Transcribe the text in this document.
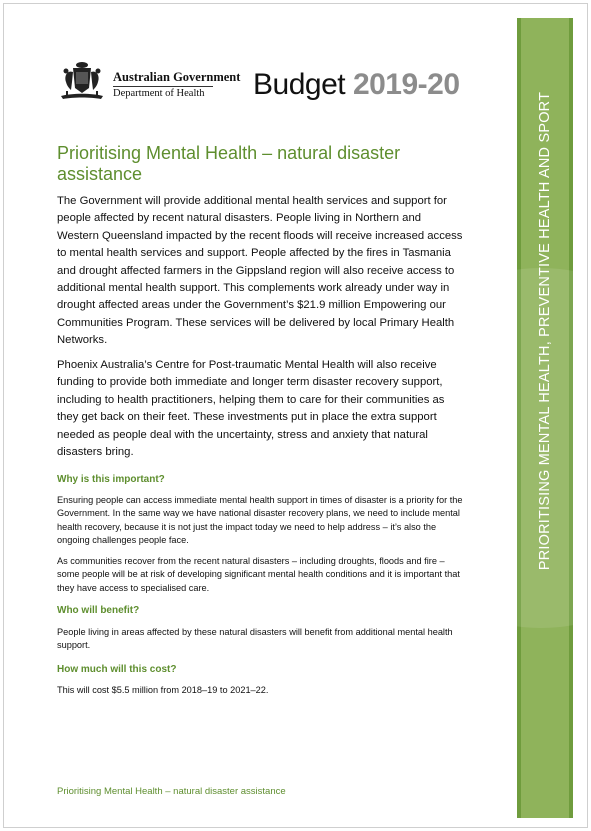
PRIORITISING MENTAL HEALTH, PREVENTIVE HEALTH AND SPORT
Australian Government
Department of Health Budget 2019-20
Prioritising Mental Health – natural disaster assistance

The Government will provide additional mental health services and support for people affected by recent natural disasters. People living in Northern and Western Queensland impacted by the recent floods will receive increased access to mental health services and support. People affected by the fires in Tasmania and drought affected farmers in the Gippsland region will also receive access to additional mental health support. This complements work already under way in drought affected areas under the Government’s $21.9 million Empowering our Communities Program. These services will be delivered by local Primary Health Networks.

Phoenix Australia’s Centre for Post-traumatic Mental Health will also receive funding to provide both immediate and longer term disaster recovery support, including to health practitioners, helping them to care for their communities as they get back on their feet. These investments put in place the extra support needed as people deal with the uncertainty, stress and anxiety that natural disasters bring.

Why is this important?

Ensuring people can access immediate mental health support in times of disaster is a priority for the Government. In the same way we have national disaster recovery plans, we need to include mental health recovery, because it is not just the impact today we need to help address – it’s also the ongoing challenges people face.

As communities recover from the recent natural disasters – including droughts, floods and fire – some people will be at risk of developing significant mental health conditions and it is important that they have access to specialised care.

Who will benefit?

People living in areas affected by these natural disasters will benefit from additional mental health support.

How much will this cost?

This will cost $5.5 million from 2018–19 to 2021–22.

Prioritising Mental Health – natural disaster assistance
